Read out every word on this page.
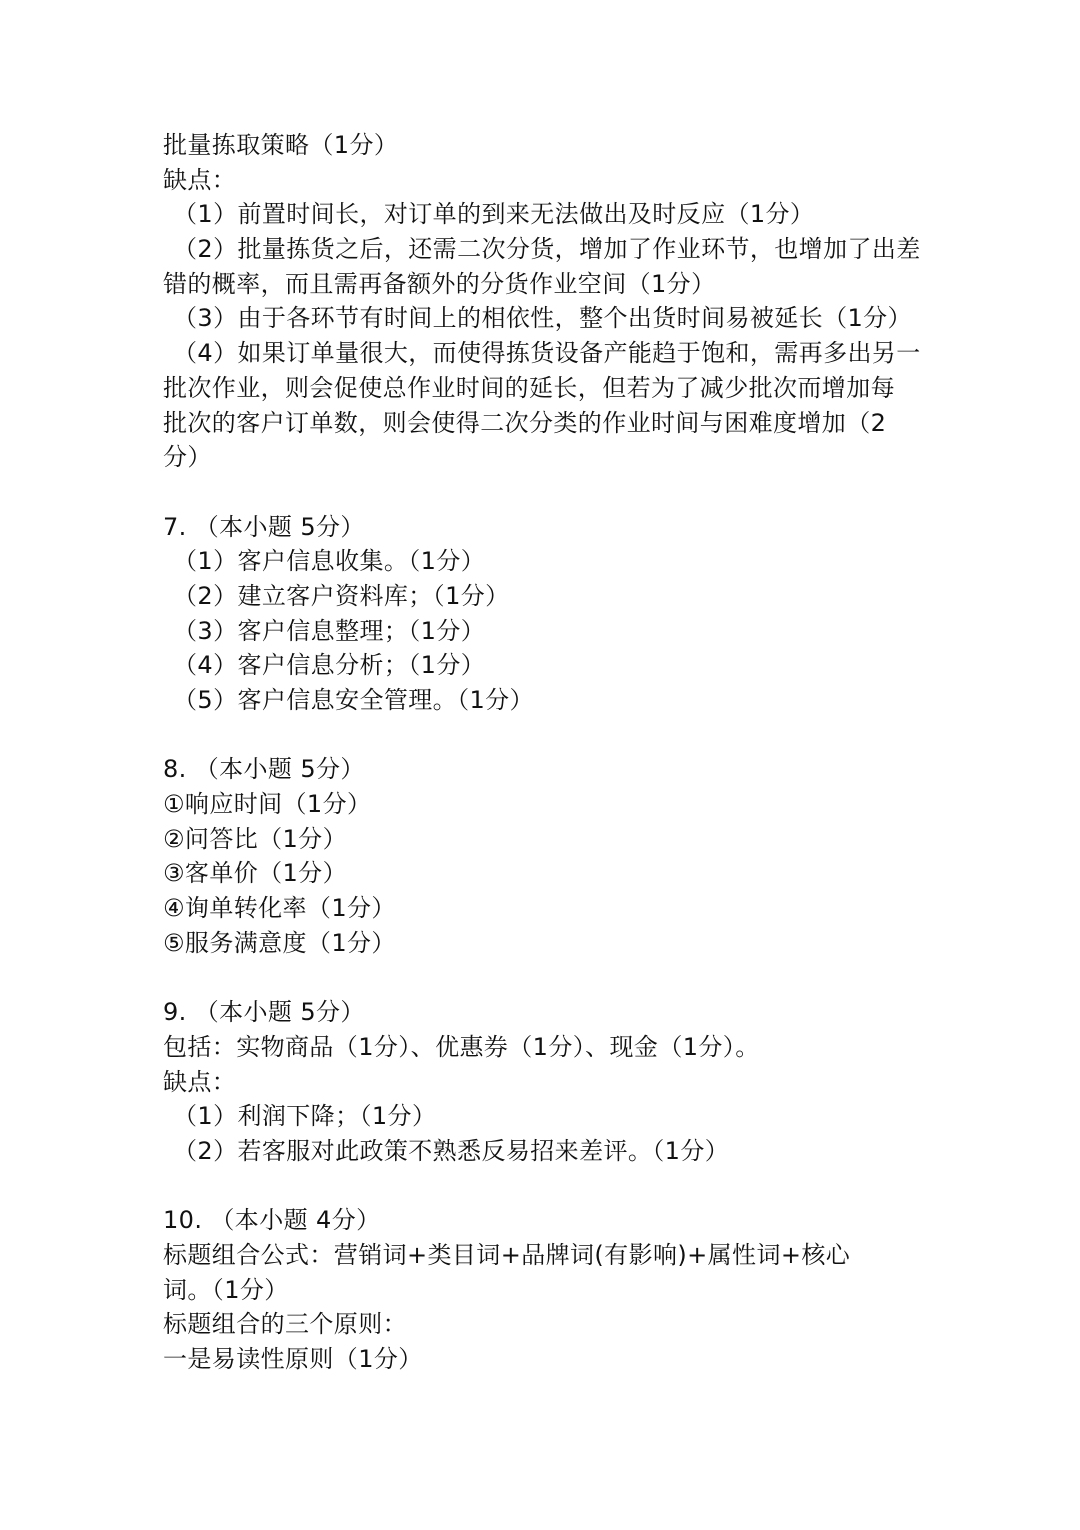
批量拣取策略（1分）
缺点：
（1）前置时间长，对订单的到来无法做出及时反应（1分）
（2）批量拣货之后，还需二次分货，增加了作业环节，也增加了出差
错的概率，而且需再备额外的分货作业空间（1分）
（3）由于各环节有时间上的相依性，整个出货时间易被延长（1分）
（4）如果订单量很大，而使得拣货设备产能趋于饱和，需再多出另一
批次作业，则会促使总作业时间的延长，但若为了减少批次而增加每
批次的客户订单数，则会使得二次分类的作业时间与困难度增加（2
分）
7. （本小题 5分）
（1）客户信息收集。（1分）
（2）建立客户资料库；（1分）
（3）客户信息整理；（1分）
（4）客户信息分析；（1分）
（5）客户信息安全管理。（1分）
8. （本小题 5分）
①响应时间（1分）
②问答比（1分）
③客单价（1分）
④询单转化率（1分）
⑤服务满意度（1分）
9. （本小题 5分）
包括：实物商品（1分）、优惠券（1分）、现金（1分）。
缺点：
（1）利润下降；（1分）
（2）若客服对此政策不熟悉反易招来差评。（1分）
10. （本小题 4分）
标题组合公式：营销词+类目词+品牌词(有影响)+属性词+核心
词。（1分）
标题组合的三个原则：
一是易读性原则（1分）
